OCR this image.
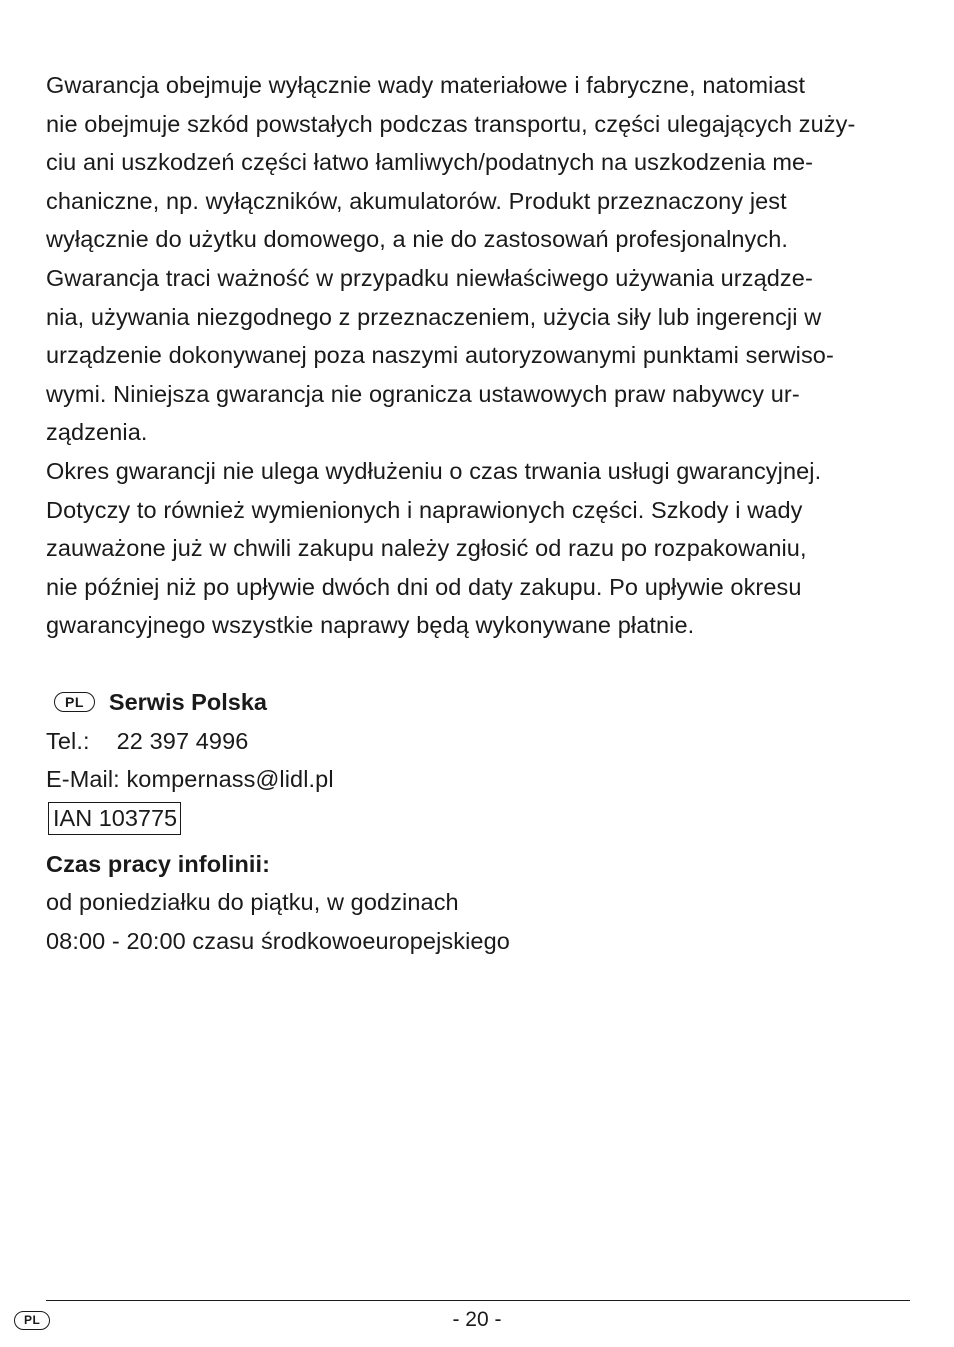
Gwarancja obejmuje wyłącznie wady materiałowe i fabryczne, natomiast
nie obejmuje szkód powstałych podczas transportu, części ulegających zuży-
ciu ani uszkodzeń części łatwo łamliwych/podatnych na uszkodzenia me-
chaniczne, np. wyłączników, akumulatorów. Produkt przeznaczony jest
wyłącznie do użytku domowego, a nie do zastosowań profesjonalnych.
Gwarancja traci ważność w przypadku niewłaściwego używania urządze-
nia, używania niezgodnego z przeznaczeniem, użycia siły lub ingerencji w
urządzenie dokonywanej poza naszymi autoryzowanymi punktami serwiso-
wymi. Niniejsza gwarancja nie ogranicza ustawowych praw nabywcy ur-
ządzenia.
Okres gwarancji nie ulega wydłużeniu o czas trwania usługi gwarancyjnej.
Dotyczy to również wymienionych i naprawionych części. Szkody i wady
zauważone już w chwili zakupu należy zgłosić od razu po rozpakowaniu,
nie później niż po upływie dwóch dni od daty zakupu. Po upływie okresu
gwarancyjnego wszystkie naprawy będą wykonywane płatnie.
PL	Serwis Polska
Tel.: 22 397 4996
E-Mail: kompernass@lidl.pl
IAN 103775
Czas pracy infolinii:
od poniedziałku do piątku, w godzinach
08:00 - 20:00 czasu środkowoeuropejskiego
PL	- 20 -
